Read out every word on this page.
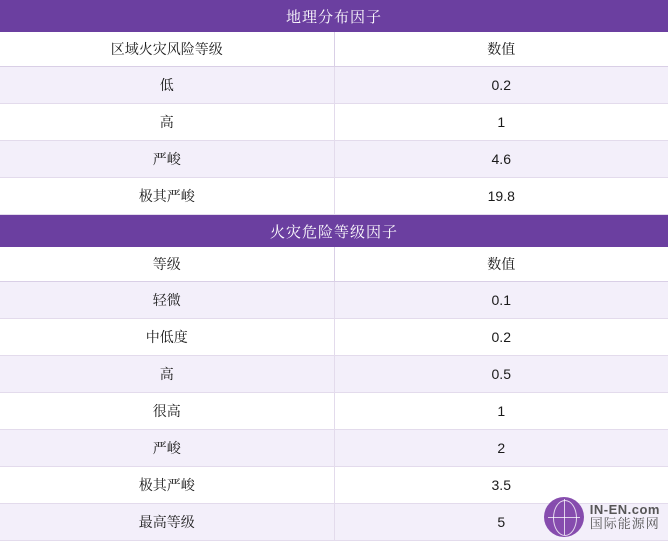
地理分布因子	
区域火灾风险等级	数值
低	0.2
高	1
严峻	4.6
极其严峻	19.8
火灾危险等级因子	
等级	数值
轻微	0.1
中低度	0.2
高	0.5
很高	1
严峻	2
极其严峻	3.5
最高等级	5
IN-EN.com
国际能源网
